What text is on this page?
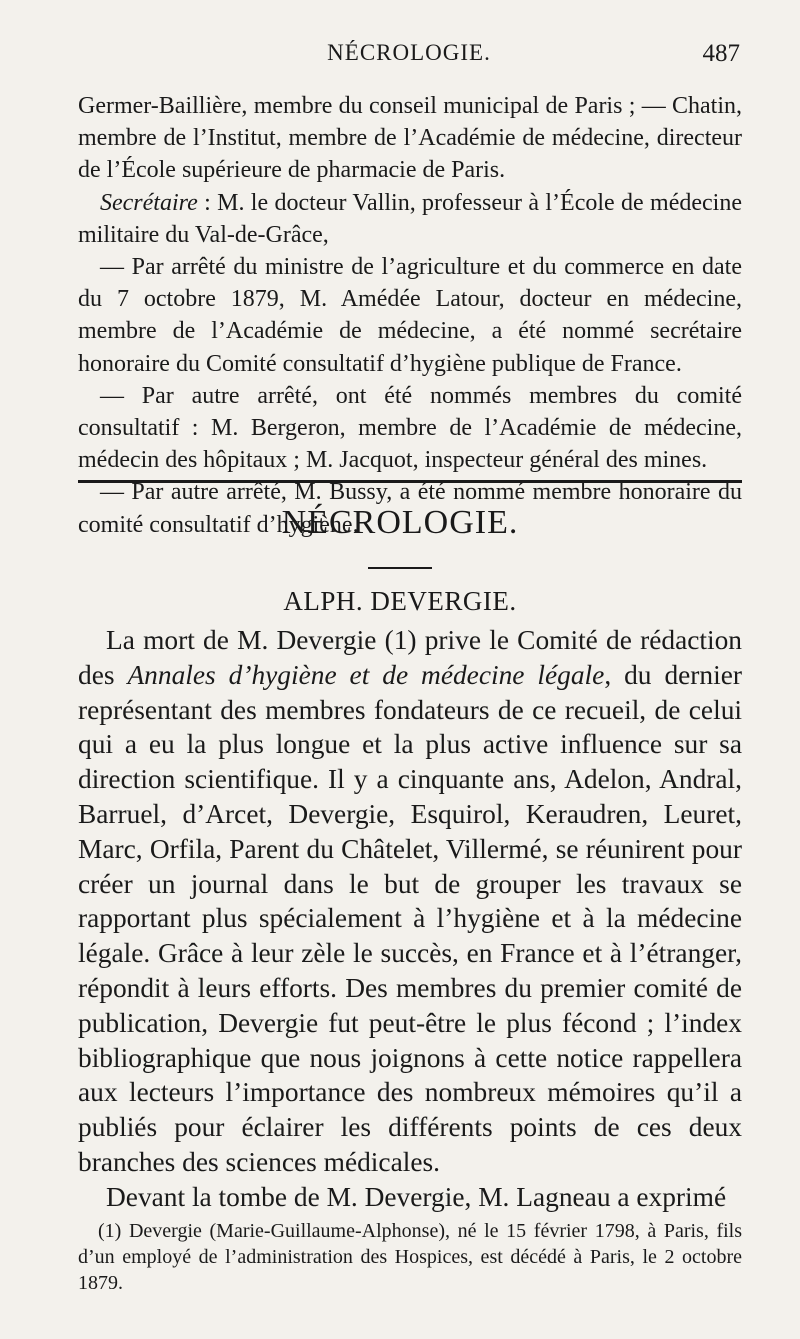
NÉCROLOGIE.	487

Germer-Baillière, membre du conseil municipal de Paris ; — Chatin, membre de l’Institut, membre de l’Académie de médecine, directeur de l’École supérieure de pharmacie de Paris.

Secrétaire : M. le docteur Vallin, professeur à l’École de médecine militaire du Val-de-Grâce,

— Par arrêté du ministre de l’agriculture et du commerce en date du 7 octobre 1879, M. Amédée Latour, docteur en médecine, membre de l’Académie de médecine, a été nommé secrétaire honoraire du Comité consultatif d’hygiène publique de France.

— Par autre arrêté, ont été nommés membres du comité consultatif : M. Bergeron, membre de l’Académie de médecine, médecin des hôpitaux ; M. Jacquot, inspecteur général des mines.

— Par autre arrêté, M. Bussy, a été nommé membre honoraire du comité consultatif d’hygiène.

NÉCROLOGIE.
ALPH. DEVERGIE.

La mort de M. Devergie (1) prive le Comité de rédaction des Annales d’hygiène et de médecine légale, du dernier représentant des membres fondateurs de ce recueil, de celui qui a eu la plus longue et la plus active influence sur sa direction scientifique. Il y a cinquante ans, Adelon, Andral, Barruel, d’Arcet, Devergie, Esquirol, Keraudren, Leuret, Marc, Orfila, Parent du Châtelet, Villermé, se réunirent pour créer un journal dans le but de grouper les travaux se rapportant plus spécialement à l’hygiène et à la médecine légale. Grâce à leur zèle le succès, en France et à l’étranger, répondit à leurs efforts. Des membres du premier comité de publication, Devergie fut peut-être le plus fécond ; l’index bibliographique que nous joignons à cette notice rappellera aux lecteurs l’importance des nombreux mémoires qu’il a publiés pour éclairer les différents points de ces deux branches des sciences médicales.

Devant la tombe de M. Devergie, M. Lagneau a exprimé

(1) Devergie (Marie-Guillaume-Alphonse), né le 15 février 1798, à Paris, fils d’un employé de l’administration des Hospices, est décédé à Paris, le 2 octobre 1879.
